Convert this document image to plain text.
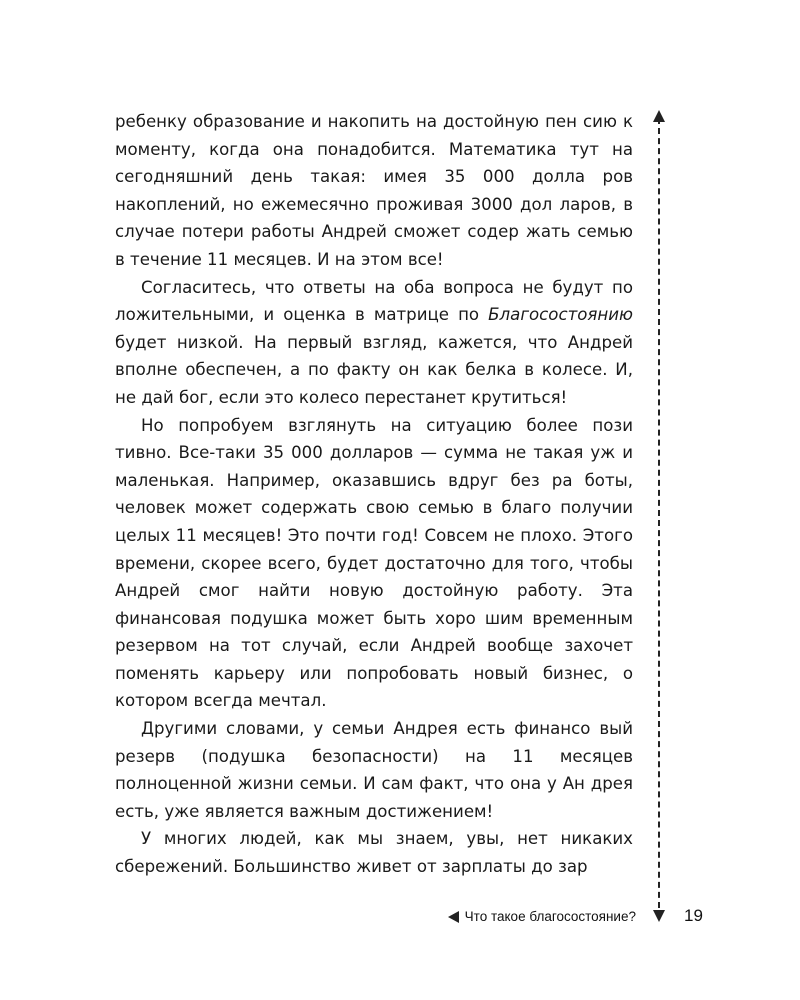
ребенку образование и накопить на достойную пен сию к моменту, когда она понадобится. Математика тут на сегодняшний день такая: имея 35 000 долла ров накоплений, но ежемесячно проживая 3000 дол ларов, в случае потери работы Андрей сможет содер жать семью в течение 11 месяцев. И на этом все!

Согласитесь, что ответы на оба вопроса не будут по ложительными, и оценка в матрице по Благосостоянию будет низкой. На первый взгляд, кажется, что Андрей вполне обеспечен, а по факту он как белка в колесе. И, не дай бог, если это колесо перестанет крутиться!

Но попробуем взглянуть на ситуацию более пози тивно. Все-таки 35 000 долларов — сумма не такая уж и маленькая. Например, оказавшись вдруг без ра боты, человек может содержать свою семью в благо получии целых 11 месяцев! Это почти год! Совсем не плохо. Этого времени, скорее всего, будет достаточно для того, чтобы Андрей смог найти новую достойную работу. Эта финансовая подушка может быть хоро шим временным резервом на тот случай, если Андрей вообще захочет поменять карьеру или попробовать новый бизнес, о котором всегда мечтал.

Другими словами, у семьи Андрея есть финансо вый резерв (подушка безопасности) на 11 месяцев полноценной жизни семьи. И сам факт, что она у Ан дрея есть, уже является важным достижением!

У многих людей, как мы знаем, увы, нет никаких сбережений. Большинство живет от зарплаты до зар

Что такое благосостояние?	19
